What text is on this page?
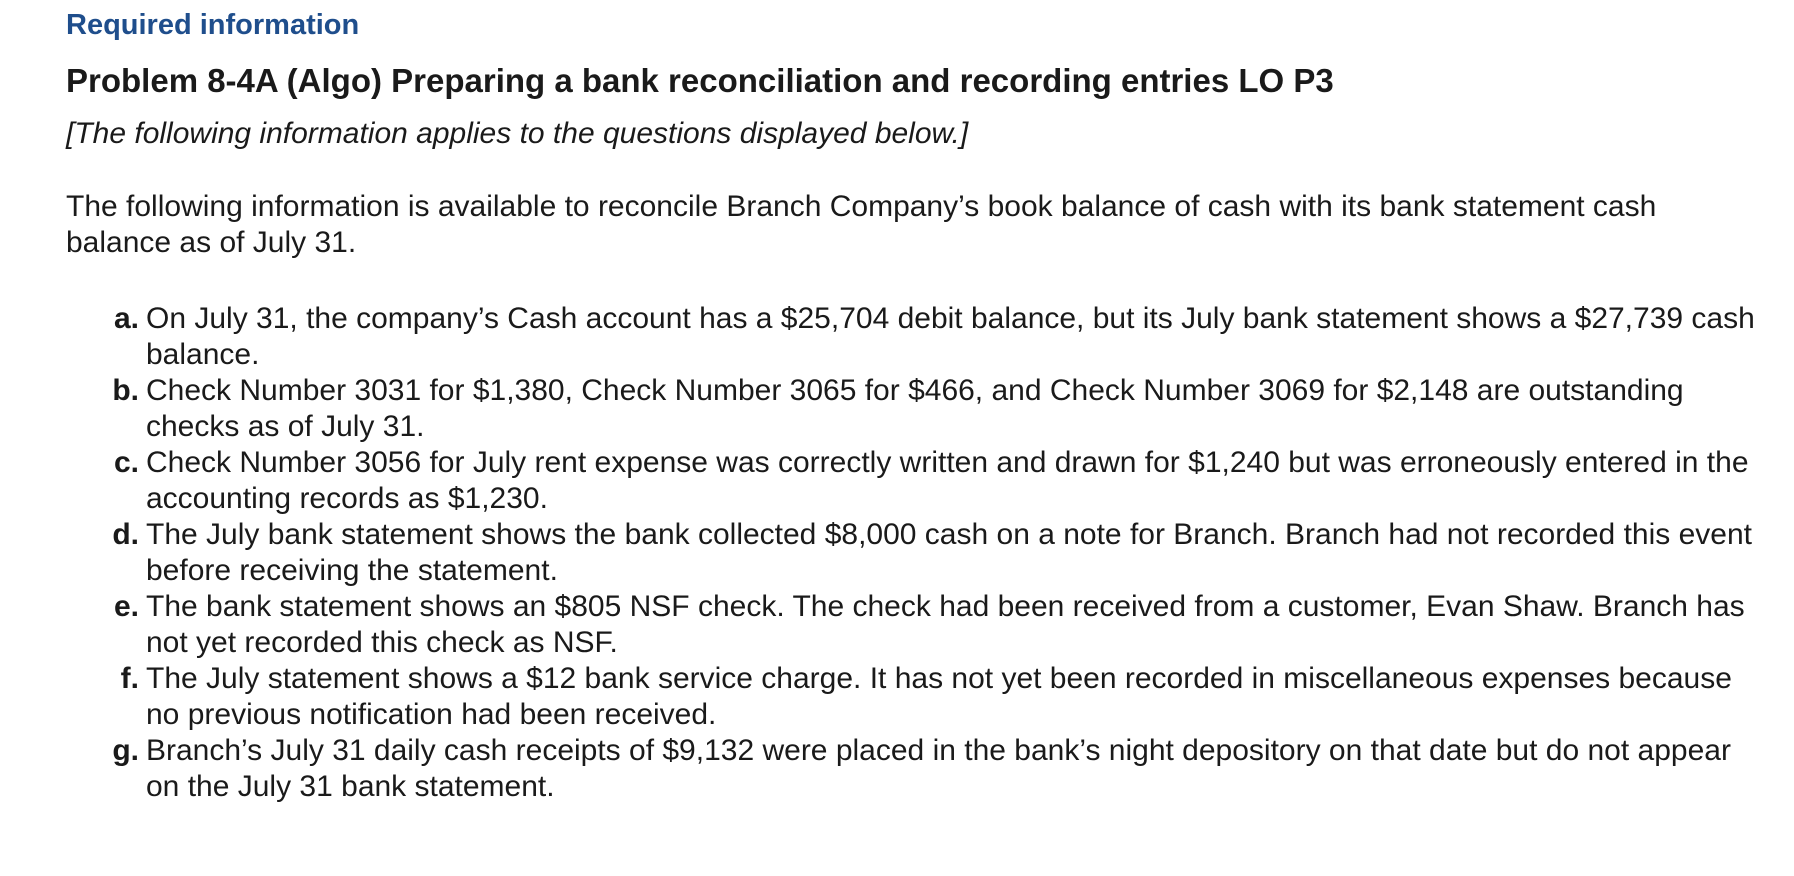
Required information
Problem 8-4A (Algo) Preparing a bank reconciliation and recording entries LO P3

[The following information applies to the questions displayed below.]

The following information is available to reconcile Branch Company’s book balance of cash with its bank statement cash balance as of July 31.

a. On July 31, the company’s Cash account has a $25,704 debit balance, but its July bank statement shows a $27,739 cash balance.
b. Check Number 3031 for $1,380, Check Number 3065 for $466, and Check Number 3069 for $2,148 are outstanding checks as of July 31.
c. Check Number 3056 for July rent expense was correctly written and drawn for $1,240 but was erroneously entered in the accounting records as $1,230.
d. The July bank statement shows the bank collected $8,000 cash on a note for Branch. Branch had not recorded this event before receiving the statement.
e. The bank statement shows an $805 NSF check. The check had been received from a customer, Evan Shaw. Branch has not yet recorded this check as NSF.
f. The July statement shows a $12 bank service charge. It has not yet been recorded in miscellaneous expenses because no previous notification had been received.
g. Branch’s July 31 daily cash receipts of $9,132 were placed in the bank’s night depository on that date but do not appear on the July 31 bank statement.
